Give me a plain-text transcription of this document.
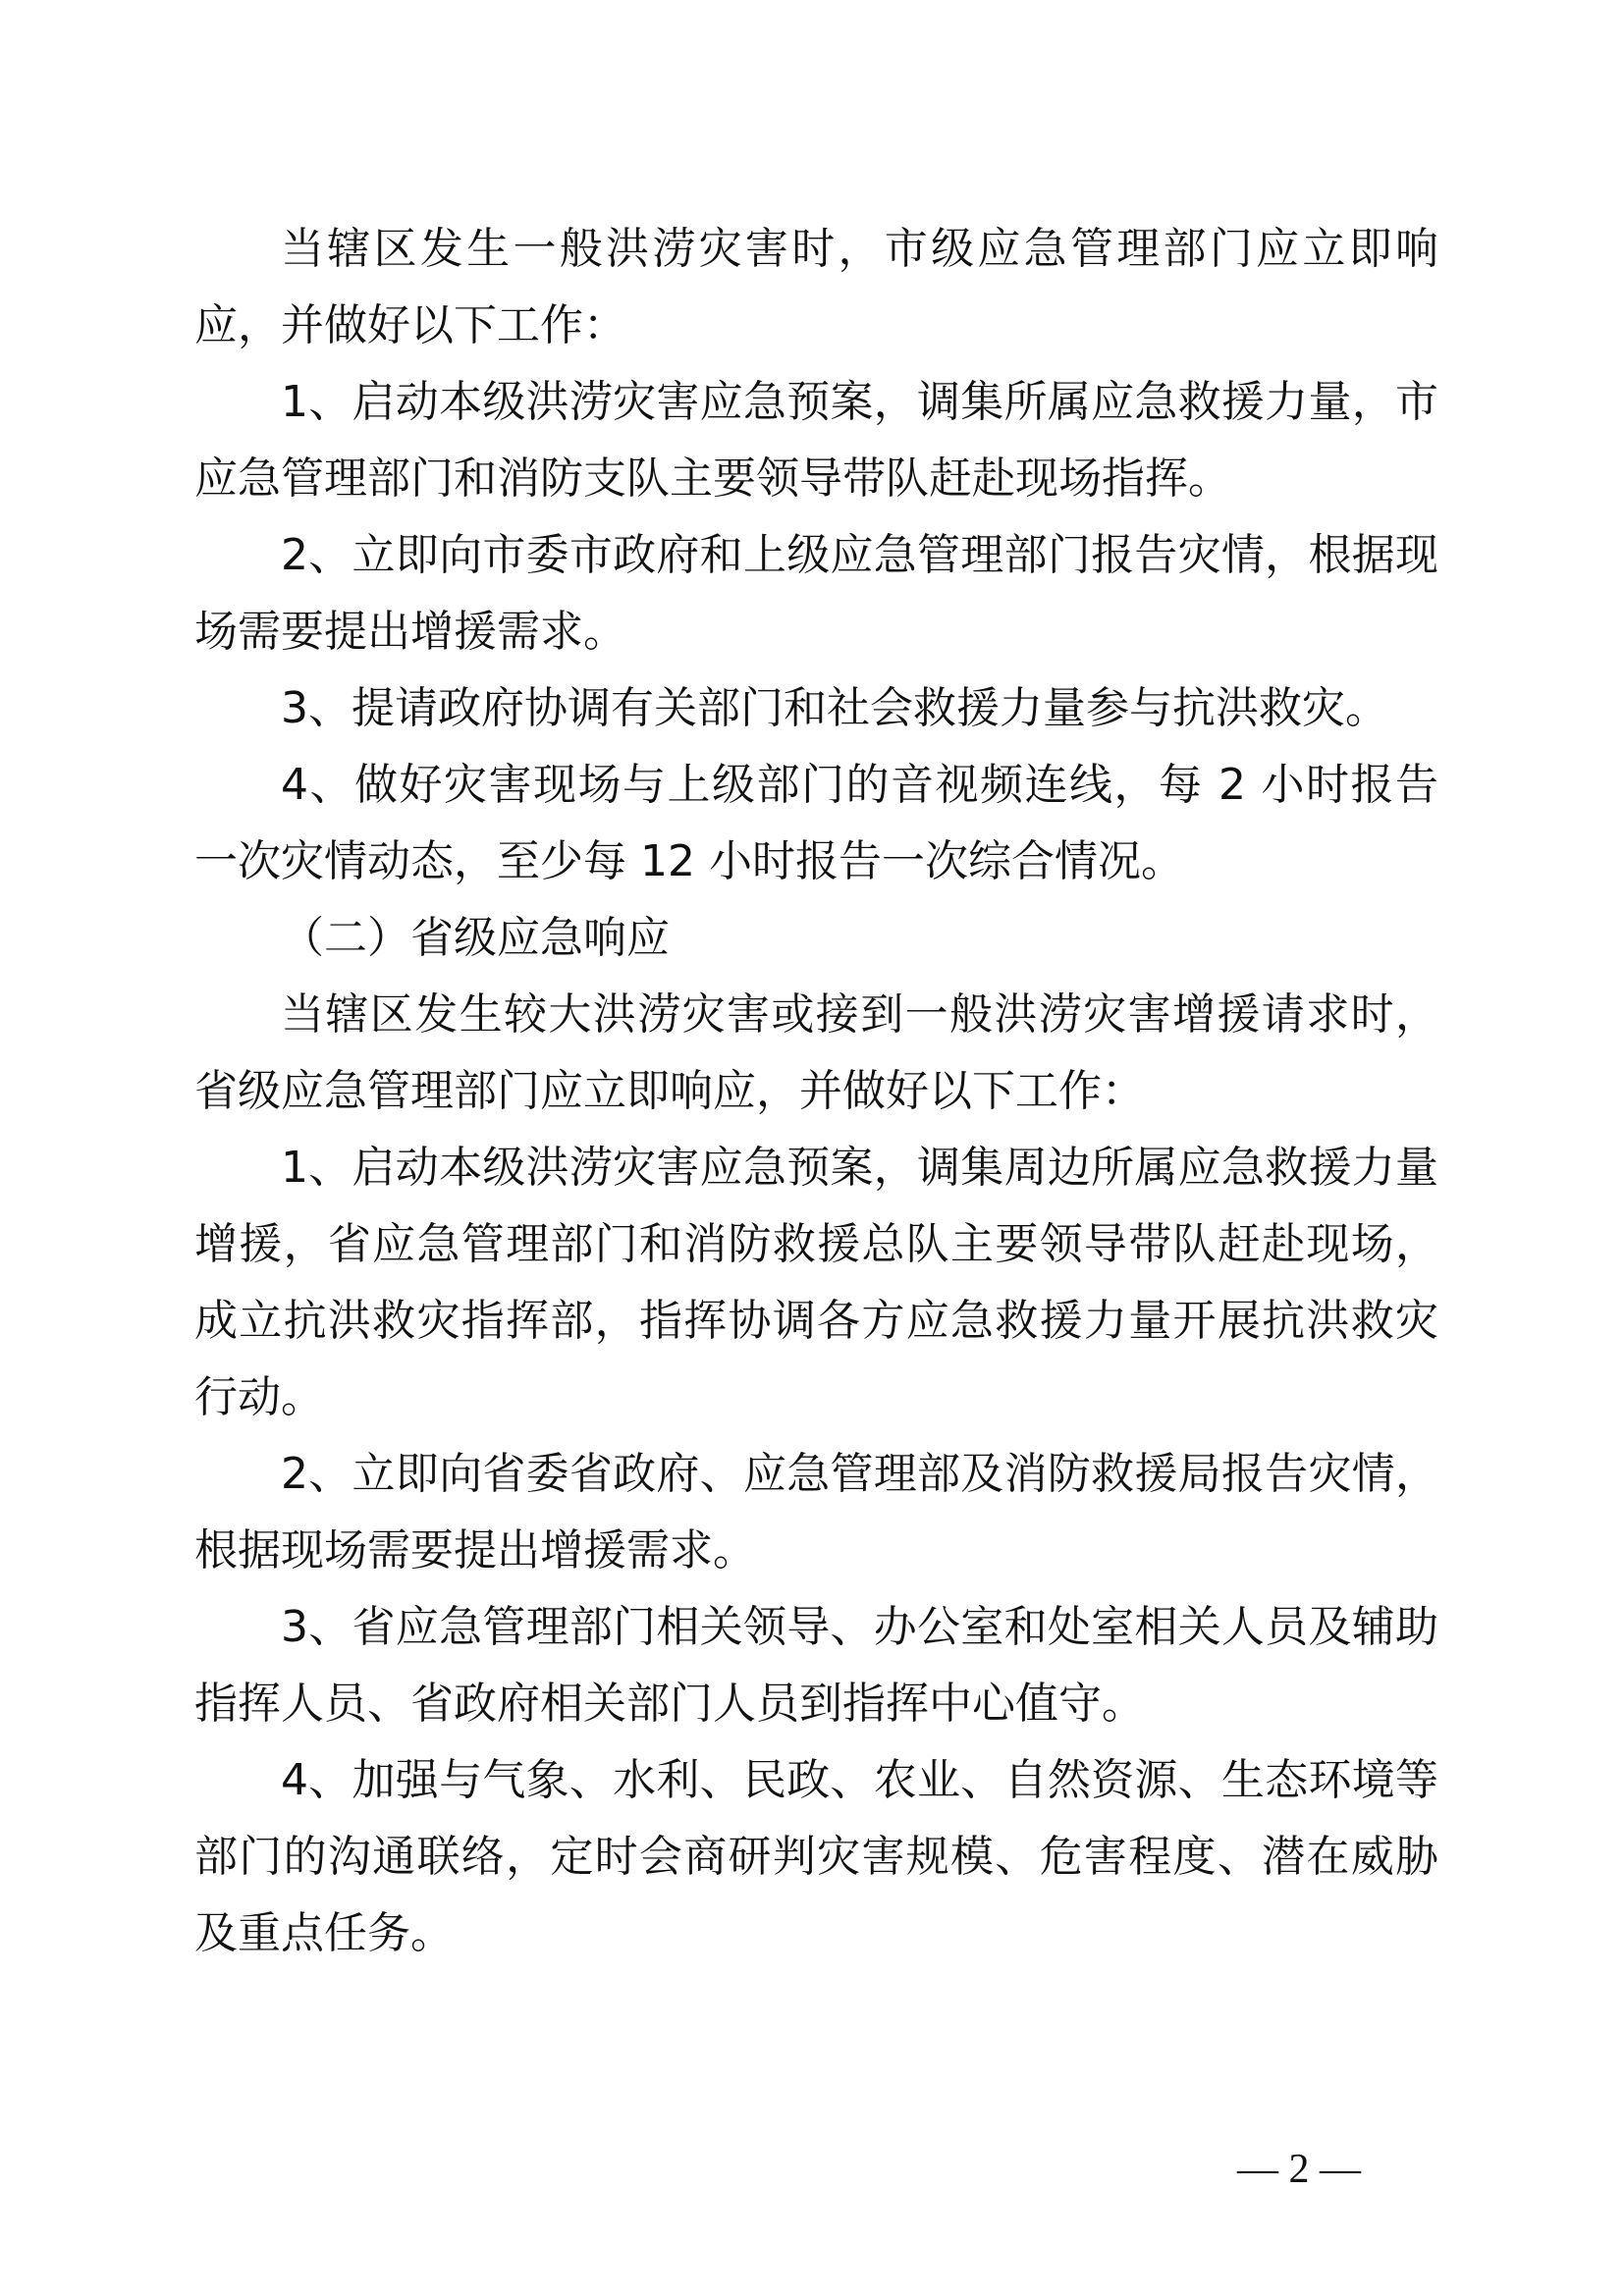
当辖区发生一般洪涝灾害时，市级应急管理部门应立即响应，并做好以下工作：

1、启动本级洪涝灾害应急预案，调集所属应急救援力量，市应急管理部门和消防支队主要领导带队赶赴现场指挥。

2、立即向市委市政府和上级应急管理部门报告灾情，根据现场需要提出增援需求。

3、提请政府协调有关部门和社会救援力量参与抗洪救灾。

4、做好灾害现场与上级部门的音视频连线，每 2 小时报告一次灾情动态，至少每 12 小时报告一次综合情况。

（二）省级应急响应

当辖区发生较大洪涝灾害或接到一般洪涝灾害增援请求时，省级应急管理部门应立即响应，并做好以下工作：

1、启动本级洪涝灾害应急预案，调集周边所属应急救援力量增援，省应急管理部门和消防救援总队主要领导带队赶赴现场，成立抗洪救灾指挥部，指挥协调各方应急救援力量开展抗洪救灾行动。

2、立即向省委省政府、应急管理部及消防救援局报告灾情，根据现场需要提出增援需求。

3、省应急管理部门相关领导、办公室和处室相关人员及辅助指挥人员、省政府相关部门人员到指挥中心值守。

4、加强与气象、水利、民政、农业、自然资源、生态环境等部门的沟通联络，定时会商研判灾害规模、危害程度、潜在威胁及重点任务。

— 2 —
